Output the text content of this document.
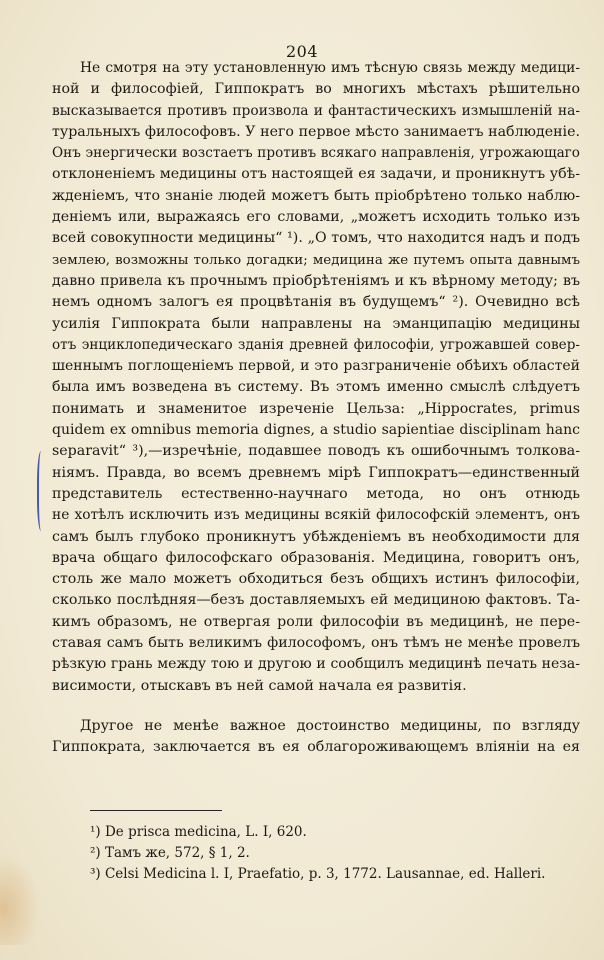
204
Не смотря на эту установленную имъ тѣсную связь между медици-
ной и философіей, Гиппократъ во многихъ мѣстахъ рѣшительно
высказывается противъ произвола и фантастическихъ измышленій на-
туральныхъ философовъ. У него первое мѣсто занимаетъ наблюденіе.
Онъ энергически возстаетъ противъ всякаго направленія, угрожающаго
отклоненіемъ медицины отъ настоящей ея задачи, и проникнутъ убѣ-
жденіемъ, что знаніе людей можетъ быть пріобрѣтено только наблю-
деніемъ или, выражаясь его словами, „можетъ исходить только изъ
всей совокупности медицины“ ¹). „О томъ, что находится надъ и подъ
землею, возможны только догадки; медицина же путемъ опыта давнымъ
давно привела къ прочнымъ пріобрѣтеніямъ и къ вѣрному методу; въ
немъ одномъ залогъ ея процвѣтанія въ будущемъ“ ²). Очевидно всѣ
усилія Гиппократа были направлены на эманципацію медицины
отъ энциклопедическаго зданія древней философіи, угрожавшей совер-
шеннымъ поглощеніемъ первой, и это разграниченіе обѣихъ областей
была имъ возведена въ систему. Въ этомъ именно смыслѣ слѣдуетъ
понимать и знаменитое изреченіе Цельза: „Hippocrates, primus
quidem ex omnibus memoria dignes, a studio sapientiae disciplinam hanc
separavit“ ³),—изречѣніе, подавшее поводъ къ ошибочнымъ толкова-
ніямъ. Правда, во всемъ древнемъ мірѣ Гиппократъ—единственный
представитель естественно-научнаго метода, но онъ отнюдь
не хотѣлъ исключить изъ медицины всякій философскій элементъ, онъ
самъ былъ глубоко проникнутъ убѣжденіемъ въ необходимости для
врача общаго философскаго образованія. Медицина, говоритъ онъ,
столь же мало можетъ обходиться безъ общихъ истинъ философіи,
сколько послѣдняя—безъ доставляемыхъ ей медициною фактовъ. Та-
кимъ образомъ, не отвергая роли философіи въ медицинѣ, не пере-
ставая самъ быть великимъ философомъ, онъ тѣмъ не менѣе провелъ
рѣзкую грань между тою и другою и сообщилъ медицинѣ печать неза-
висимости, отыскавъ въ ней самой начала ея развитія.
Другое не менѣе важное достоинство медицины, по взгляду
Гиппократа, заключается въ ея облагороживающемъ вліяніи на ея
¹) De prisca medicina, L. I, 620.
²) Тамъ же, 572, § 1, 2.
³) Celsi Medicina l. I, Praefatio, p. 3, 1772. Lausannae, ed. Halleri.
